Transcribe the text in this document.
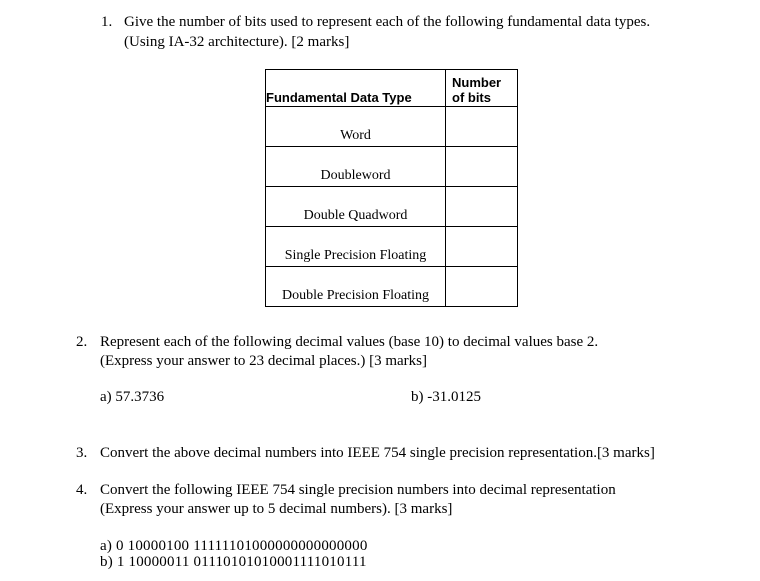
1. Give the number of bits used to represent each of the following fundamental data types.
(Using IA-32 architecture). [2 marks]
Fundamental Data Type	Number
of bits

Word	
Doubleword	
Double Quadword	
Single Precision Floating	
Double Precision Floating	
2. Represent each of the following decimal values (base 10) to decimal values base 2.
(Express your answer to 23 decimal places.) [3 marks]
a) 57.3736	b) -31.0125
3. Convert the above decimal numbers into IEEE 754 single precision representation.[3 marks]
4. Convert the following IEEE 754 single precision numbers into decimal representation
(Express your answer up to 5 decimal numbers). [3 marks]
a) 0 10000100 11111101000000000000000
b) 1 10000011 01110101010001111010111
